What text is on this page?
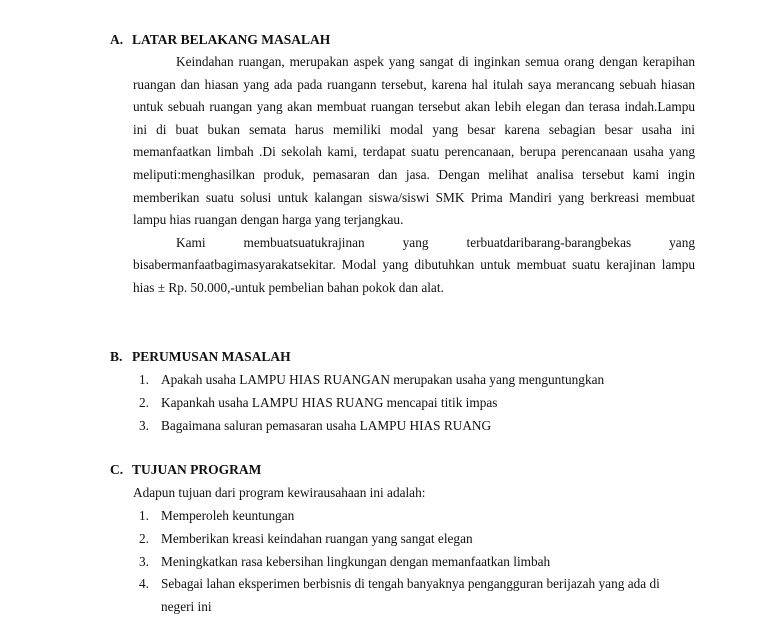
A. LATAR BELAKANG MASALAH

Keindahan ruangan, merupakan aspek yang sangat di inginkan semua orang dengan kerapihan ruangan dan hiasan yang ada pada ruangann tersebut, karena hal itulah saya merancang sebuah hiasan untuk sebuah ruangan yang akan membuat ruangan tersebut akan lebih elegan dan terasa indah.Lampu ini di buat bukan semata harus memiliki modal yang besar karena sebagian besar usaha ini memanfaatkan limbah .Di sekolah kami, terdapat suatu perencanaan, berupa perencanaan usaha yang meliputi:menghasilkan produk, pemasaran dan jasa. Dengan melihat analisa tersebut kami ingin memberikan suatu solusi untuk kalangan siswa/siswi SMK Prima Mandiri yang berkreasi membuat lampu hias ruangan dengan harga yang terjangkau.

Kami membuatsuatukrajinan yang terbuatdaribarang-barangbekas yang bisabermanfaatbagimasyarakatsekitar. Modal yang dibutuhkan untuk membuat suatu kerajinan lampu hias ± Rp. 50.000,-untuk pembelian bahan pokok dan alat.

B. PERUMUSAN MASALAH
1. Apakah usaha LAMPU HIAS RUANGAN merupakan usaha yang menguntungkan
2. Kapankah usaha LAMPU HIAS RUANG mencapai titik impas
3. Bagaimana saluran pemasaran usaha LAMPU HIAS RUANG
C. TUJUAN PROGRAM
Adapun tujuan dari program kewirausahaan ini adalah:
1. Memperoleh keuntungan
2. Memberikan kreasi keindahan ruangan yang sangat elegan
3. Meningkatkan rasa kebersihan lingkungan dengan memanfaatkan limbah
4. Sebagai lahan eksperimen berbisnis di tengah banyaknya pengangguran berijazah yang ada di negeri ini
